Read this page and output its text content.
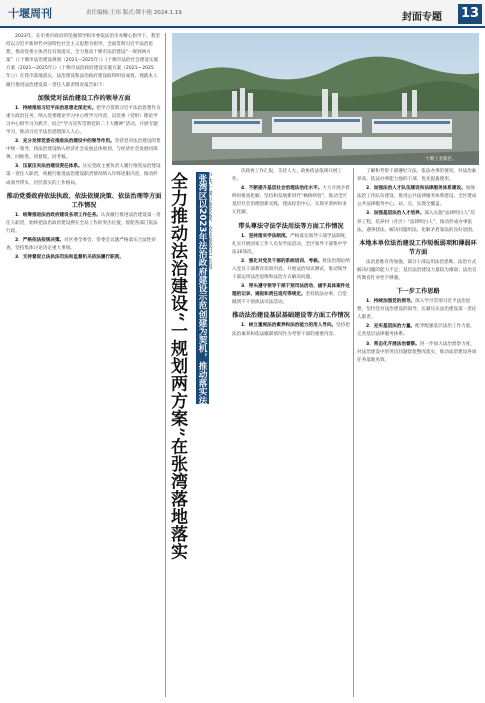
十堰周刊	责任编辑:王玮 版式:缪小艳 2024.1.19	封面专题 13

2023年，在市委市政府的坚强领导和市委依法治市办精心指导下，我坚持以习近平新时代中国特色社会主义思想为指导，全面贯彻习近平法治思想，推动党委主体责任有效落实，全力推动十堰市法治建设“一规划两方案”（《十堰市法治建设规划（2021—2025年）》《十堰市法治社会建设实施方案（2021—2025年）》《十堰市法治政府建设实施方案（2021—2025年）》）在我市落地落实，法治建设和法治政府建设取得明显成效。现就本人履行推进法治建设第一责任人职责情况报告如下：

加强党对法治建设工作的领导方面

1．持续推进习近平法治思想走深走实。把学习贯彻习近平法治思想作为重大政治任务，纳入党委理论学习中心组学习内容，以党委（党组）理论学习中心组学习为抓手，结合“学习宣传贯彻党的二十大精神”活动，开展专题学习，推动习近平法治思想深入人心。

2．充分发挥党委在推进法治建设中的领导作用。坚持党对法治建设的集中统一领导，将法治建设纳入经济社会发展总体规划，与经济社会发展同部署、同推进、同督促、同考核。

3．压紧压实法治建设责任体系。压实党政主要负责人履行推进法治建设第一责任人职责，将履行推进法治建设职责情况纳入年终述职内容，推动形成领导带头、层层落实的工作格局。

推动党委政府依法执政、依法依规决策、依法治理等方面工作情况

1．统筹推进法治政府建设各项工作任务。认真履行推进法治建设第一责任人职责，始终把法治政府建设摆在全局工作的突出位置，督促各部门依法行政。

2．严格依法依规决策。对区委全委会、常委会议题严格落实合法性审查，坚持集体讨论决定重大事项。

3．支持督促立法执法司法和监督机关依法履行职责。

十堰工业新区。
全力推动法治建设“一规划两方案”在张湾落地落实 张湾区以2023年法治政府建设示范创建为契机，推动落实法治建设第一责任人职责
中共十堰市委常委、政法委书记 张涛

次政协工作汇报，支持人大、政协依法依规开展工作。

4．不断提升基层社会治理法治化水平。大力开展矛盾纠纷排查化解，坚持和发展新时代“枫桥经验”，推动全区基层社会治理创新实践，建成综治中心，实现矛盾纠纷多元化解。

带头尊法守法学法用法等方面工作情况

1．坚持落实学法制度。严格落实领导干部学法制度，扎实开展国家工作人员旬学法活动，全区领导干部集中学法16场次。

2．强化对党员干部的系统培训、考核。将法治理论纳入党员干部教育培训内容，开展法治知识测试，推动领导干部运用法治思维和法治方式解决问题。

3．带头遵守领导干部干预司法活动、插手具体案件处理的记录、通报和责任追究等规定。坚持依法办事，自觉做到不干预执法司法活动。

推动法治建设基层基础建设等方面工作情况

1．树立重视法治素养和法治能力的用人导向。坚持把法治素养和依法履职情况作为考察干部的重要内容。

了解和考察干部遵纪守法、依法办事的情况，对法治素养高、依法办事能力强的干部，优先提拔使用。

2．加强法治人才队伍建设和法律服务体系建设。加强法治工作队伍建设，推进公共法律服务体系建设，全区建成公共法律服务中心、站、点，实现全覆盖。

3．加强基层法治人才培养。深入实施“法律明白人”培养工程，培养村（社区）“法律明白人”，推动形成办事依法、遇事找法、解决问题用法、化解矛盾靠法的良好氛围。

本地本单位法治建设工作短板弱项和薄弱环节方面

法治思维有待加强，部分干部运用法治思维、法治方式解决问题的能力不足；基层法治建设力量较为薄弱；法治宣传教育针对性不够强。

下一步工作思路

1．持续加强党的领导。深入学习贯彻习近平法治思想，坚持党对法治建设的领导，压紧压实法治建设第一责任人职责。

2．充实基层法治力量。配齐配强基层法治工作力量，完善基层法律服务体系。

3．常态化开展法治督察。进一步加大法治督察力度，对法治建设中的突出问题督促整改落实，推动法治建设各项任务落地见效。
